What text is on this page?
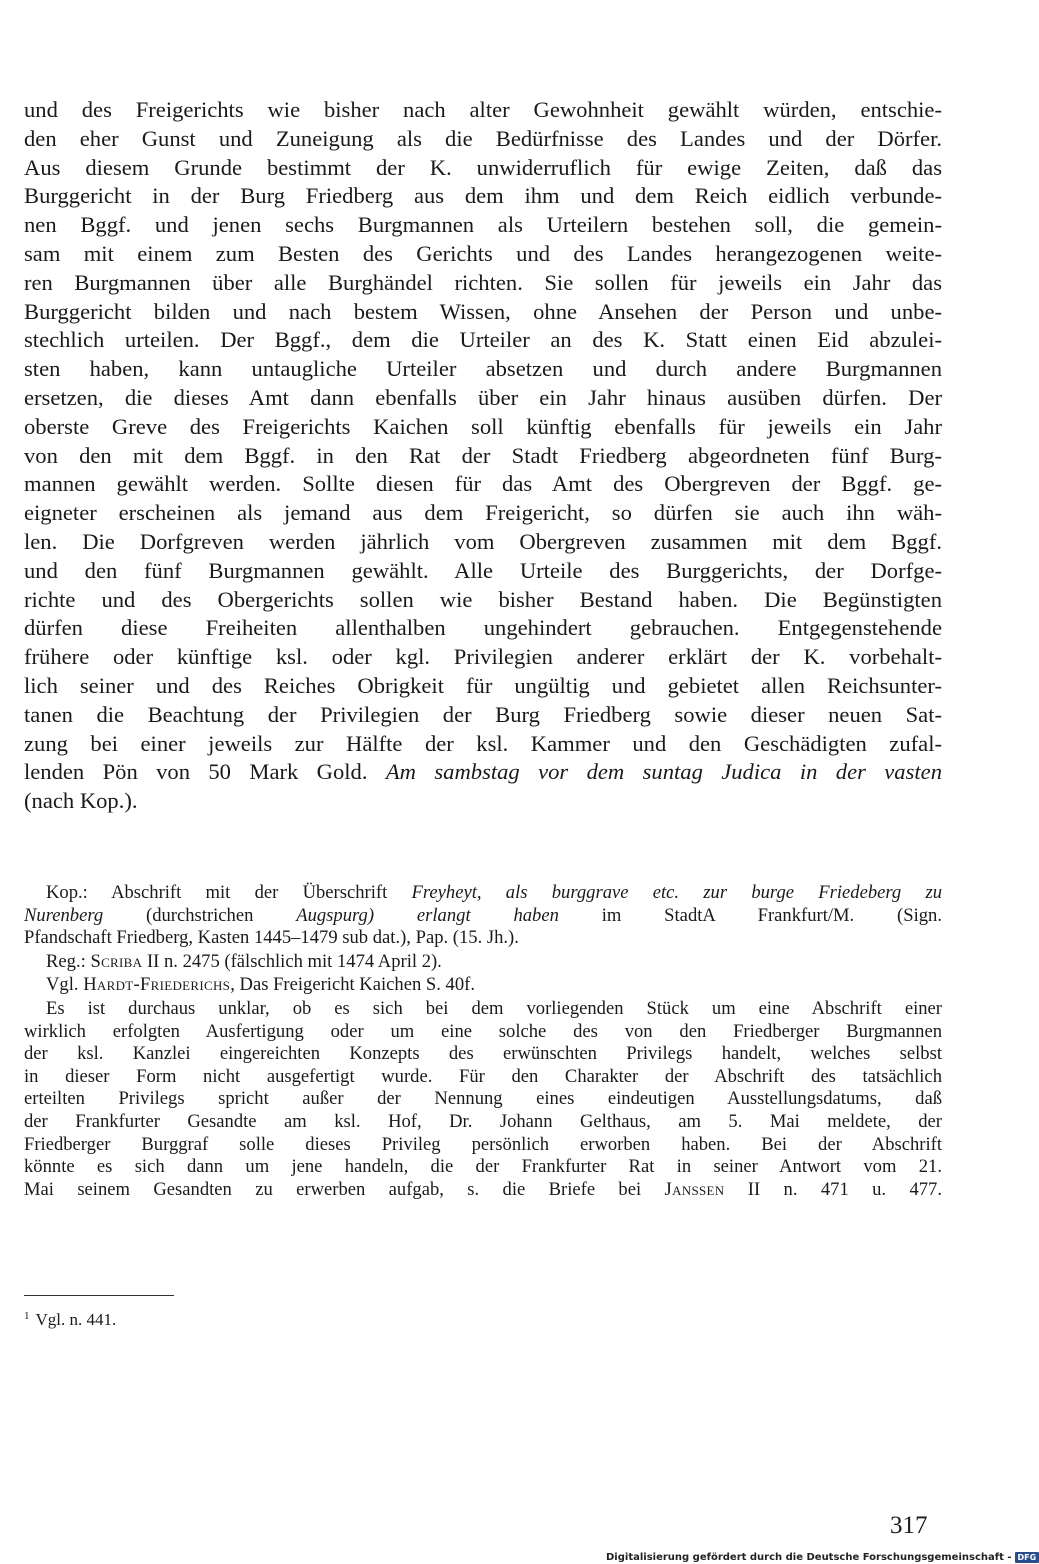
und des Freigerichts wie bisher nach alter Gewohnheit gewählt würden, entschie-
den eher Gunst und Zuneigung als die Bedürfnisse des Landes und der Dörfer.
Aus diesem Grunde bestimmt der K. unwiderruflich für ewige Zeiten, daß das
Burggericht in der Burg Friedberg aus dem ihm und dem Reich eidlich verbunde-
nen Bggf. und jenen sechs Burgmannen als Urteilern bestehen soll, die gemein-
sam mit einem zum Besten des Gerichts und des Landes herangezogenen weite-
ren Burgmannen über alle Burghändel richten. Sie sollen für jeweils ein Jahr das
Burggericht bilden und nach bestem Wissen, ohne Ansehen der Person und unbe-
stechlich urteilen. Der Bggf., dem die Urteiler an des K. Statt einen Eid abzulei-
sten haben, kann untaugliche Urteiler absetzen und durch andere Burgmannen
ersetzen, die dieses Amt dann ebenfalls über ein Jahr hinaus ausüben dürfen. Der
oberste Greve des Freigerichts Kaichen soll künftig ebenfalls für jeweils ein Jahr
von den mit dem Bggf. in den Rat der Stadt Friedberg abgeordneten fünf Burg-
mannen gewählt werden. Sollte diesen für das Amt des Obergreven der Bggf. ge-
eigneter erscheinen als jemand aus dem Freigericht, so dürfen sie auch ihn wäh-
len. Die Dorfgreven werden jährlich vom Obergreven zusammen mit dem Bggf.
und den fünf Burgmannen gewählt. Alle Urteile des Burggerichts, der Dorfge-
richte und des Obergerichts sollen wie bisher Bestand haben. Die Begünstigten
dürfen diese Freiheiten allenthalben ungehindert gebrauchen. Entgegenstehende
frühere oder künftige ksl. oder kgl. Privilegien anderer erklärt der K. vorbehalt-
lich seiner und des Reiches Obrigkeit für ungültig und gebietet allen Reichsunter-
tanen die Beachtung der Privilegien der Burg Friedberg sowie dieser neuen Sat-
zung bei einer jeweils zur Hälfte der ksl. Kammer und den Geschädigten zufal-
lenden Pön von 50 Mark Gold. Am sambstag vor dem suntag Judica in der vasten
(nach Kop.).
Kop.: Abschrift mit der Überschrift Freyheyt, als burggrave etc. zur burge Friedeberg zu
Nurenberg (durchstrichen Augspurg) erlangt haben im StadtA Frankfurt/M. (Sign.
Pfandschaft Friedberg, Kasten 1445–1479 sub dat.), Pap. (15. Jh.).
Reg.: Scriba II n. 2475 (fälschlich mit 1474 April 2).
Vgl. Hardt-Friederichs, Das Freigericht Kaichen S. 40f.
Es ist durchaus unklar, ob es sich bei dem vorliegenden Stück um eine Abschrift einer
wirklich erfolgten Ausfertigung oder um eine solche des von den Friedberger Burgmannen
der ksl. Kanzlei eingereichten Konzepts des erwünschten Privilegs handelt, welches selbst
in dieser Form nicht ausgefertigt wurde. Für den Charakter der Abschrift des tatsächlich
erteilten Privilegs spricht außer der Nennung eines eindeutigen Ausstellungsdatums, daß
der Frankfurter Gesandte am ksl. Hof, Dr. Johann Gelthaus, am 5. Mai meldete, der
Friedberger Burggraf solle dieses Privileg persönlich erworben haben. Bei der Abschrift
könnte es sich dann um jene handeln, die der Frankfurter Rat in seiner Antwort vom 21.
Mai seinem Gesandten zu erwerben aufgab, s. die Briefe bei Janssen II n. 471 u. 477.
$^1$ Vgl. n. 441.
317
Digitalisierung gefördert durch die Deutsche Forschungsgemeinschaft - DFG
